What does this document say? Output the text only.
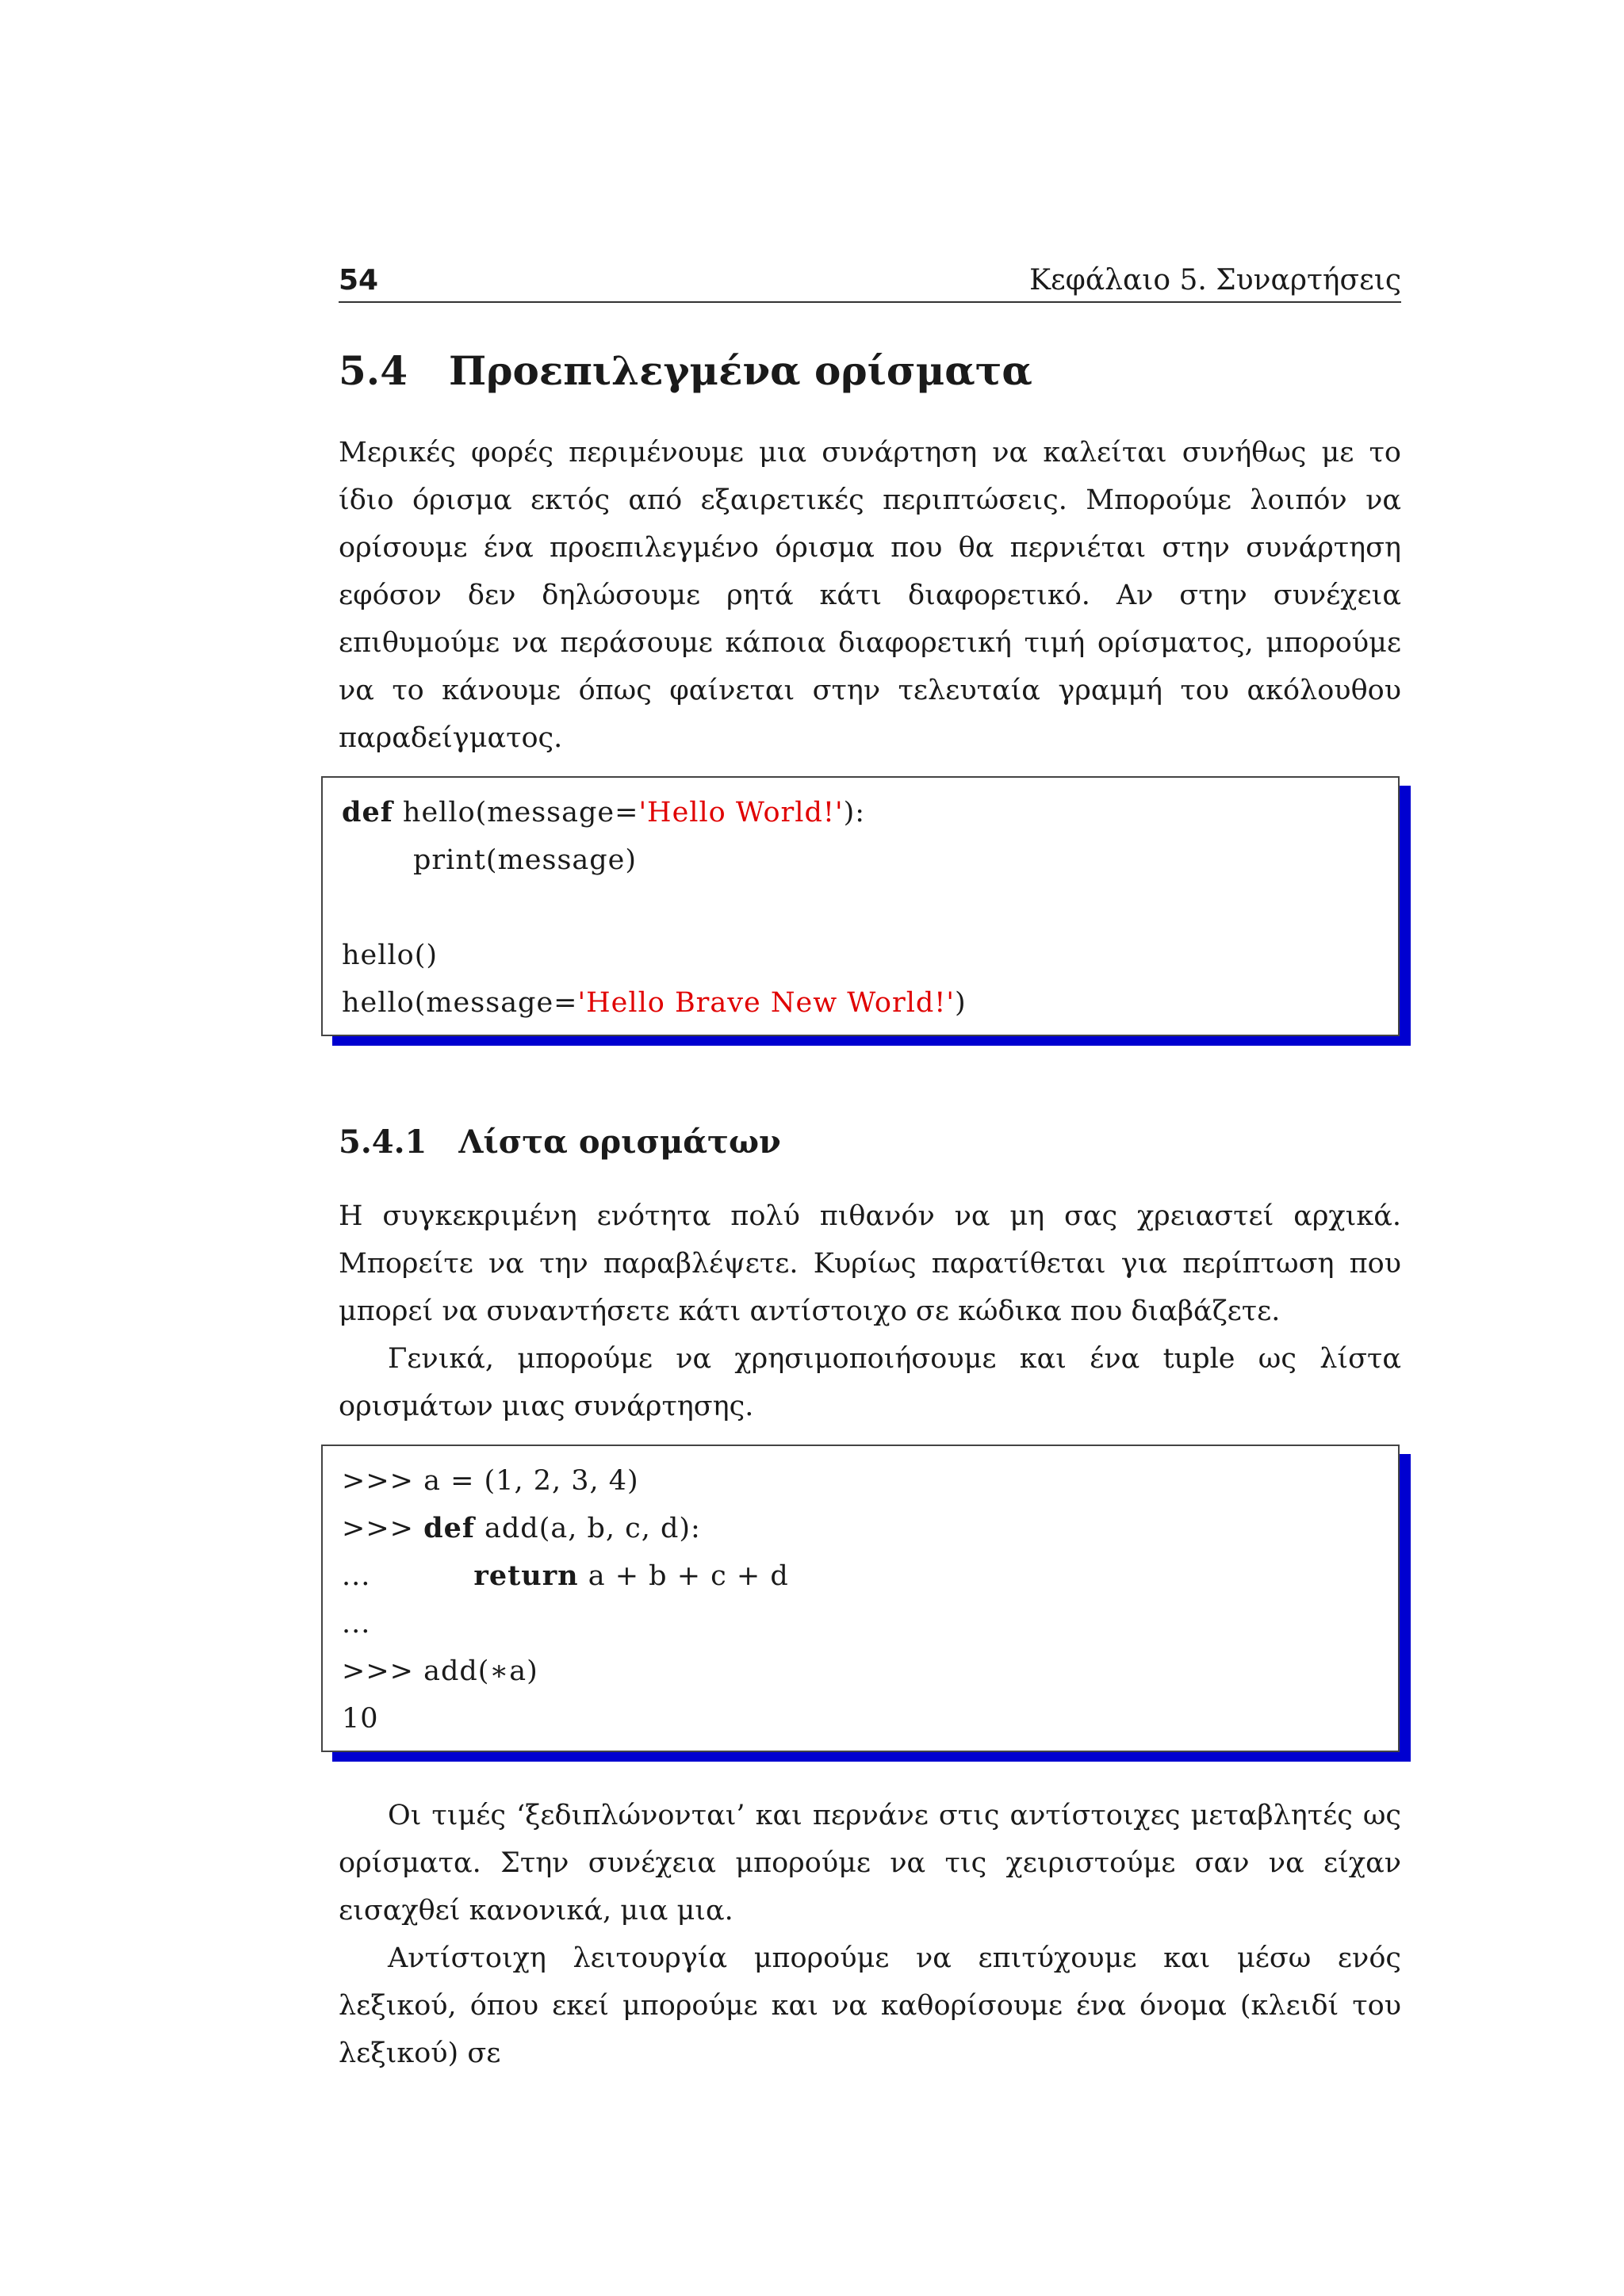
54	Κεφάλαιο 5. Συναρτήσεις
5.4 Προεπιλεγμένα ορίσματα

Μερικές φορές περιμένουμε μια συνάρτηση να καλείται συνήθως με το ίδιο όρισμα εκτός από εξαιρετικές περιπτώσεις. Μπορούμε λοιπόν να ορίσουμε ένα προεπιλεγμένο όρισμα που θα περνιέται στην συνάρτηση εφόσον δεν δηλώσουμε ρητά κάτι διαφορετικό. Αν στην συνέχεια επιθυμούμε να περάσουμε κάποια διαφορετική τιμή ορίσματος, μπορούμε να το κάνουμε όπως φαίνεται στην τελευταία γραμμή του ακόλουθου παραδείγματος.

def hello(message='Hello World!'):
print(message)
hello()
hello(message='Hello Brave New World!')
5.4.1 Λίστα ορισμάτων

Η συγκεκριμένη ενότητα πολύ πιθανόν να μη σας χρειαστεί αρχικά. Μπορείτε να την παραβλέψετε. Κυρίως παρατίθεται για περίπτωση που μπορεί να συναντήσετε κάτι αντίστοιχο σε κώδικα που διαβάζετε.

Γενικά, μπορούμε να χρησιμοποιήσουμε και ένα tuple ως λίστα ορισμάτων μιας συνάρτησης.

>>> a = (1, 2, 3, 4)
>>> def add(a, b, c, d):
...	return a + b + c + d
...
>>> add(∗a)
10

Οι τιμές ‘ξεδιπλώνονται’ και περνάνε στις αντίστοιχες μεταβλητές ως ορίσματα. Στην συνέχεια μπορούμε να τις χειριστούμε σαν να είχαν εισαχθεί κανονικά, μια μια.

Αντίστοιχη λειτουργία μπορούμε να επιτύχουμε και μέσω ενός λεξικού, όπου εκεί μπορούμε και να καθορίσουμε ένα όνομα (κλειδί του λεξικού) σε
